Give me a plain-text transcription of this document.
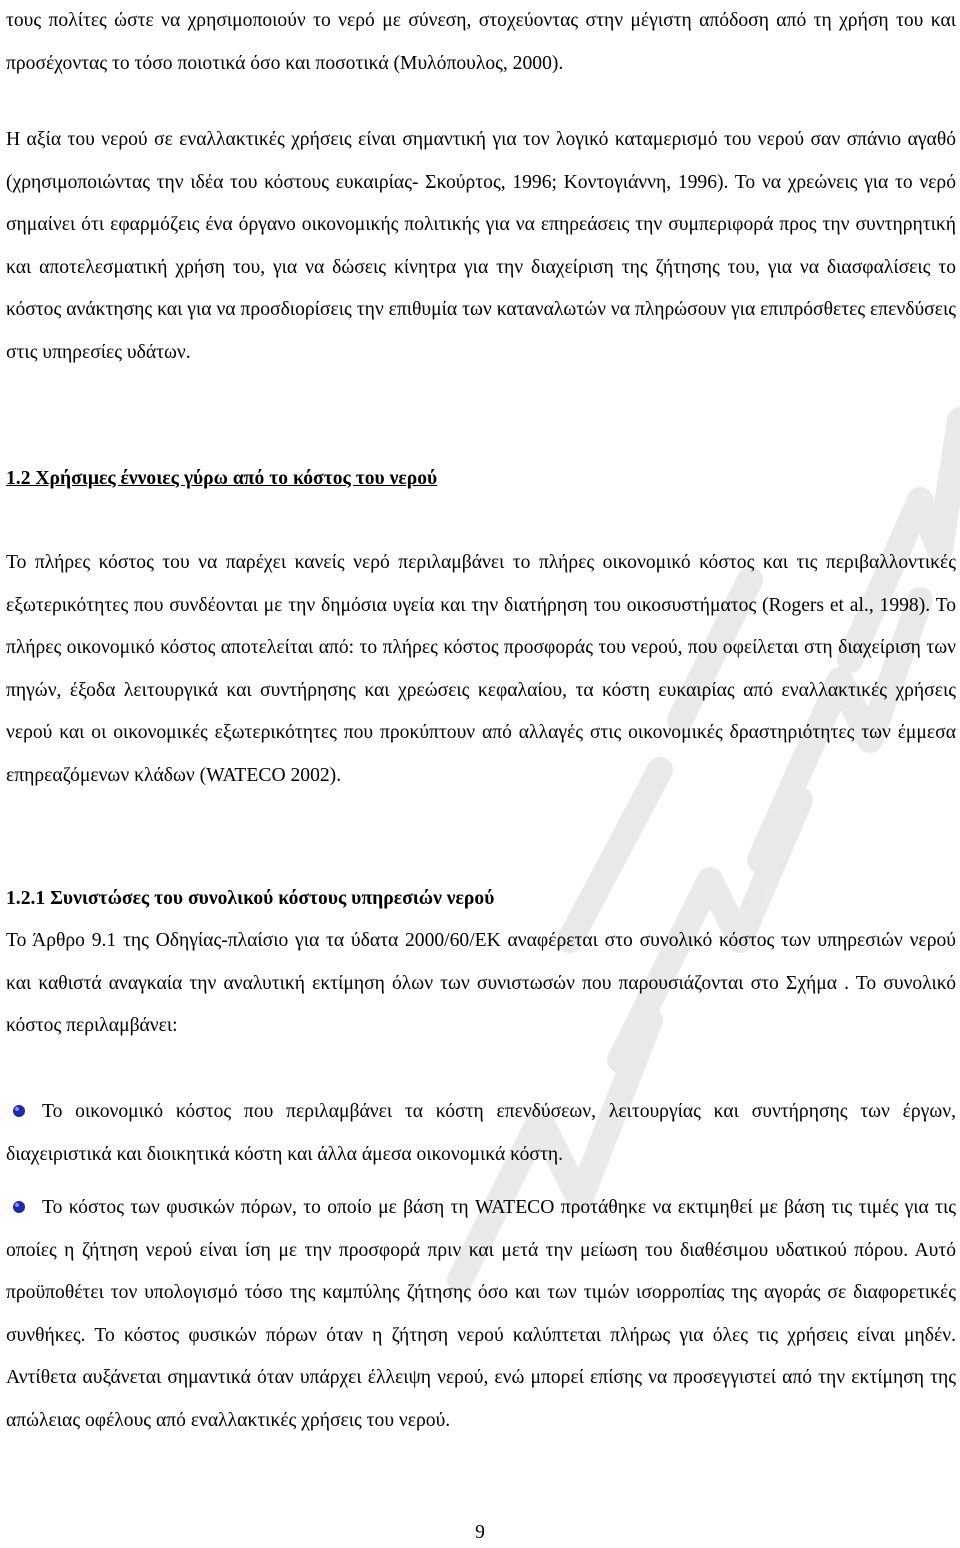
τους πολίτες ώστε να χρησιμοποιούν το νερό με σύνεση, στοχεύοντας στην μέγιστη απόδοση από τη χρήση του και προσέχοντας το τόσο ποιοτικά όσο και ποσοτικά (Μυλόπουλος, 2000).

Η αξία του νερού σε εναλλακτικές χρήσεις είναι σημαντική για τον λογικό καταμερισμό του νερού σαν σπάνιο αγαθό (χρησιμοποιώντας την ιδέα του κόστους ευκαιρίας- Σκούρτος, 1996; Κοντογιάννη, 1996). Το να χρεώνεις για το νερό σημαίνει ότι εφαρμόζεις ένα όργανο οικονομικής πολιτικής για να επηρεάσεις την συμπεριφορά προς την συντηρητική και αποτελεσματική χρήση του, για να δώσεις κίνητρα για την διαχείριση της ζήτησης του, για να διασφαλίσεις το κόστος ανάκτησης και για να προσδιορίσεις την επιθυμία των καταναλωτών να πληρώσουν για επιπρόσθετες επενδύσεις στις υπηρεσίες υδάτων.

1.2 Χρήσιμες έννοιες γύρω από το κόστος του νερού

Το πλήρες κόστος του να παρέχει κανείς νερό περιλαμβάνει το πλήρες οικονομικό κόστος και τις περιβαλλοντικές εξωτερικότητες που συνδέονται με την δημόσια υγεία και την διατήρηση του οικοσυστήματος (Rogers et al., 1998). Το πλήρες οικονομικό κόστος αποτελείται από: το πλήρες κόστος προσφοράς του νερού, που οφείλεται στη διαχείριση των πηγών, έξοδα λειτουργικά και συντήρησης και χρεώσεις κεφαλαίου, τα κόστη ευκαιρίας από εναλλακτικές χρήσεις νερού και οι οικονομικές εξωτερικότητες που προκύπτουν από αλλαγές στις οικονομικές δραστηριότητες των έμμεσα επηρεαζόμενων κλάδων (WATECO 2002).

1.2.1 Συνιστώσες του συνολικού κόστους υπηρεσιών νερού

Το Άρθρο 9.1 της Οδηγίας-πλαίσιο για τα ύδατα 2000/60/ΕΚ αναφέρεται στο συνολικό κόστος των υπηρεσιών νερού και καθιστά αναγκαία την αναλυτική εκτίμηση όλων των συνιστωσών που παρουσιάζονται στο Σχήμα . Το συνολικό κόστος περιλαμβάνει:

Το οικονομικό κόστος που περιλαμβάνει τα κόστη επενδύσεων, λειτουργίας και συντήρησης των έργων, διαχειριστικά και διοικητικά κόστη και άλλα άμεσα οικονομικά κόστη.

Το κόστος των φυσικών πόρων, το οποίο με βάση τη WATECO προτάθηκε να εκτιμηθεί με βάση τις τιμές για τις οποίες η ζήτηση νερού είναι ίση με την προσφορά πριν και μετά την μείωση του διαθέσιμου υδατικού πόρου. Αυτό προϋποθέτει τον υπολογισμό τόσο της καμπύλης ζήτησης όσο και των τιμών ισορροπίας της αγοράς σε διαφορετικές συνθήκες. Το κόστος φυσικών πόρων όταν η ζήτηση νερού καλύπτεται πλήρως για όλες τις χρήσεις είναι μηδέν. Αντίθετα αυξάνεται σημαντικά όταν υπάρχει έλλειψη νερού, ενώ μπορεί επίσης να προσεγγιστεί από την εκτίμηση της απώλειας οφέλους από εναλλακτικές χρήσεις του νερού.

9
